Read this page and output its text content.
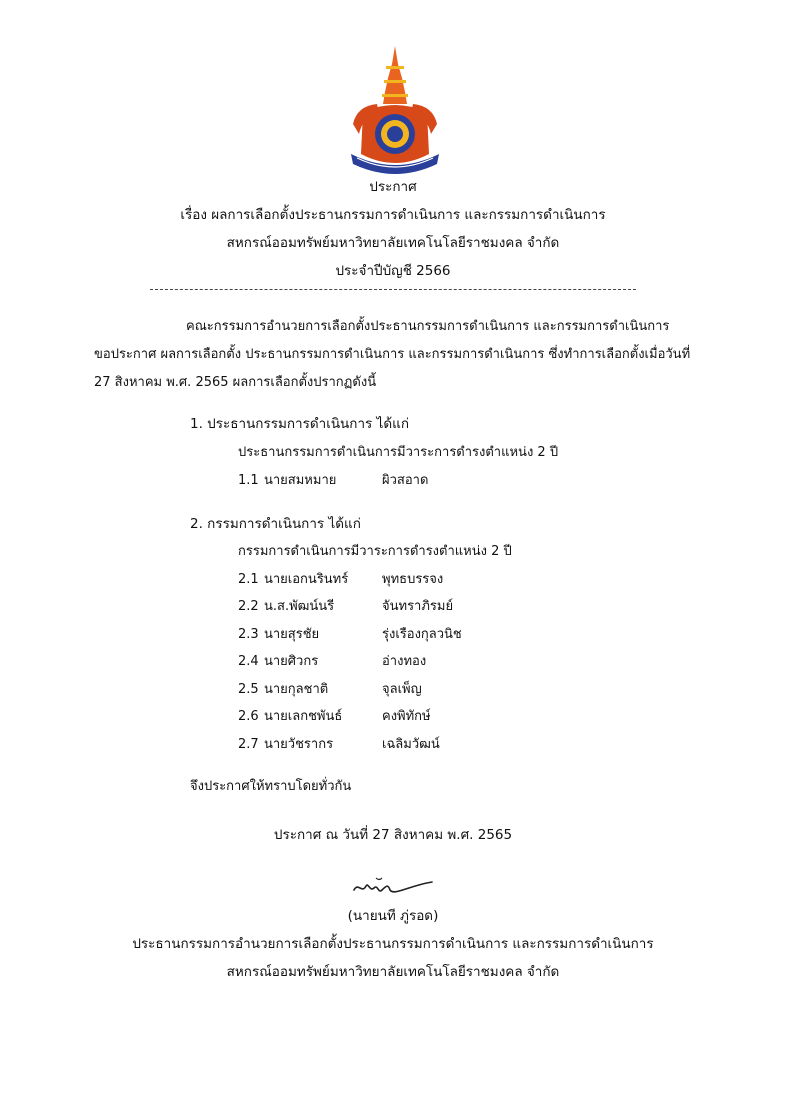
ประกาศ
เรื่อง ผลการเลือกตั้งประธานกรรมการดำเนินการ และกรรมการดำเนินการ
สหกรณ์ออมทรัพย์มหาวิทยาลัยเทคโนโลยีราชมงคล จำกัด
ประจำปีบัญชี 2566
คณะกรรมการอำนวยการเลือกตั้งประธานกรรมการดำเนินการ และกรรมการดำเนินการ
ขอประกาศ ผลการเลือกตั้ง ประธานกรรมการดำเนินการ และกรรมการดำเนินการ ซึ่งทำการเลือกตั้งเมื่อวันที่
27 สิงหาคม พ.ศ. 2565 ผลการเลือกตั้งปรากฏดังนี้
1. ประธานกรรมการดำเนินการ ได้แก่
ประธานกรรมการดำเนินการมีวาระการดำรงตำแหน่ง 2 ปี
1.1 นายสมหมาย	ผิวสอาด
2. กรรมการดำเนินการ ได้แก่
กรรมการดำเนินการมีวาระการดำรงตำแหน่ง 2 ปี
2.1 นายเอกนรินทร์	พุทธบรรจง
2.2 น.ส.พัฒน์นรี	จันทราภิรมย์
2.3 นายสุรชัย	รุ่งเรืองกุลวนิช
2.4 นายศิวกร	อ่างทอง
2.5 นายกุลชาติ	จุลเพ็ญ
2.6 นายเลกชพันธ์	คงพิทักษ์
2.7 นายวัชรากร	เฉลิมวัฒน์
จึงประกาศให้ทราบโดยทั่วกัน
ประกาศ ณ วันที่ 27 สิงหาคม พ.ศ. 2565
(นายนที ภู่รอด)
ประธานกรรมการอำนวยการเลือกตั้งประธานกรรมการดำเนินการ และกรรมการดำเนินการ
สหกรณ์ออมทรัพย์มหาวิทยาลัยเทคโนโลยีราชมงคล จำกัด
